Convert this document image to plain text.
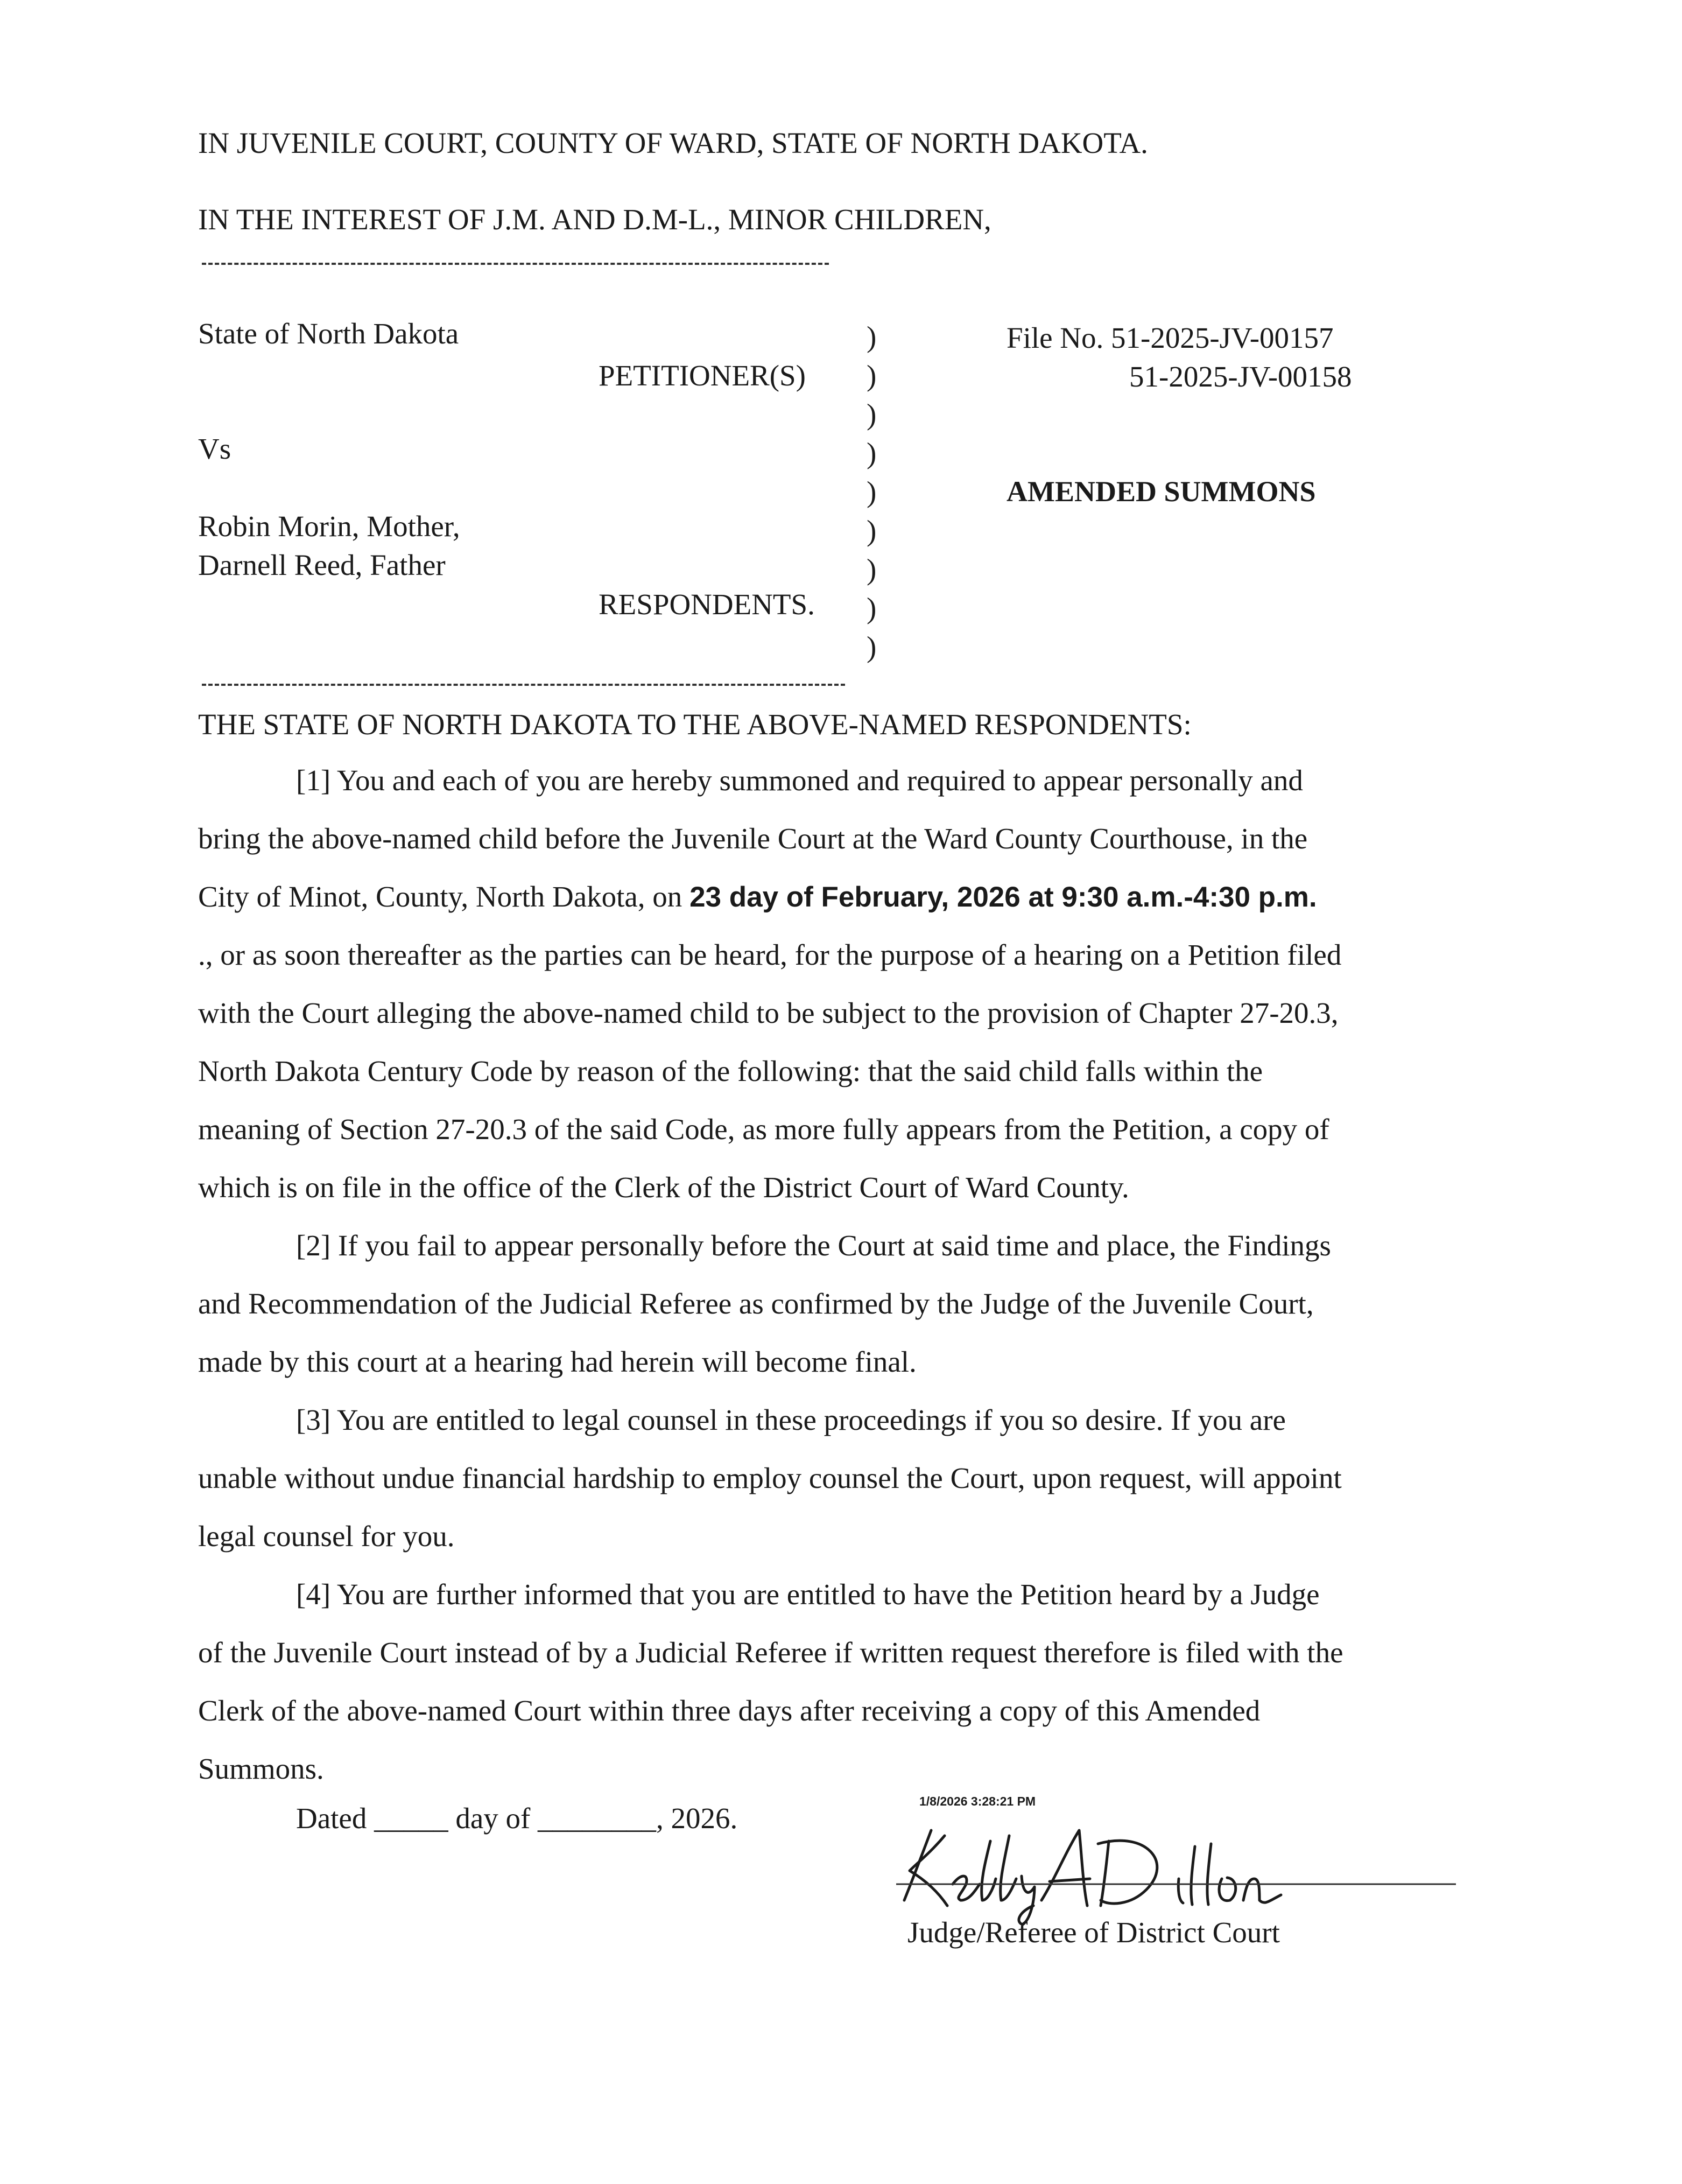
IN JUVENILE COURT, COUNTY OF WARD, STATE OF NORTH DAKOTA.
IN THE INTEREST OF J.M. AND D.M-L., MINOR CHILDREN,
State of North Dakota
PETITIONER(S)
Vs
Robin Morin, Mother,
Darnell Reed, Father
RESPONDENTS.
)
)
)
)
)
)
)
)
)
File No. 51-2025-JV-00157
51-2025-JV-00158
AMENDED SUMMONS
THE STATE OF NORTH DAKOTA TO THE ABOVE-NAMED RESPONDENTS:
[1] You and each of you are hereby summoned and required to appear personally and
bring the above-named child before the Juvenile Court at the Ward County Courthouse, in the
City of Minot, County, North Dakota, on 23 day of February, 2026 at 9:30 a.m.-4:30 p.m.
., or as soon thereafter as the parties can be heard, for the purpose of a hearing on a Petition filed
with the Court alleging the above-named child to be subject to the provision of Chapter 27-20.3,
North Dakota Century Code by reason of the following: that the said child falls within the
meaning of Section 27-20.3 of the said Code, as more fully appears from the Petition, a copy of
which is on file in the office of the Clerk of the District Court of Ward County.
[2] If you fail to appear personally before the Court at said time and place, the Findings
and Recommendation of the Judicial Referee as confirmed by the Judge of the Juvenile Court,
made by this court at a hearing had herein will become final.
[3] You are entitled to legal counsel in these proceedings if you so desire. If you are
unable without undue financial hardship to employ counsel the Court, upon request, will appoint
legal counsel for you.
[4] You are further informed that you are entitled to have the Petition heard by a Judge
of the Juvenile Court instead of by a Judicial Referee if written request therefore is filed with the
Clerk of the above-named Court within three days after receiving a copy of this Amended
Summons.
Dated _____ day of ________, 2026.
1/8/2026 3:28:21 PM
Judge/Referee of District Court
